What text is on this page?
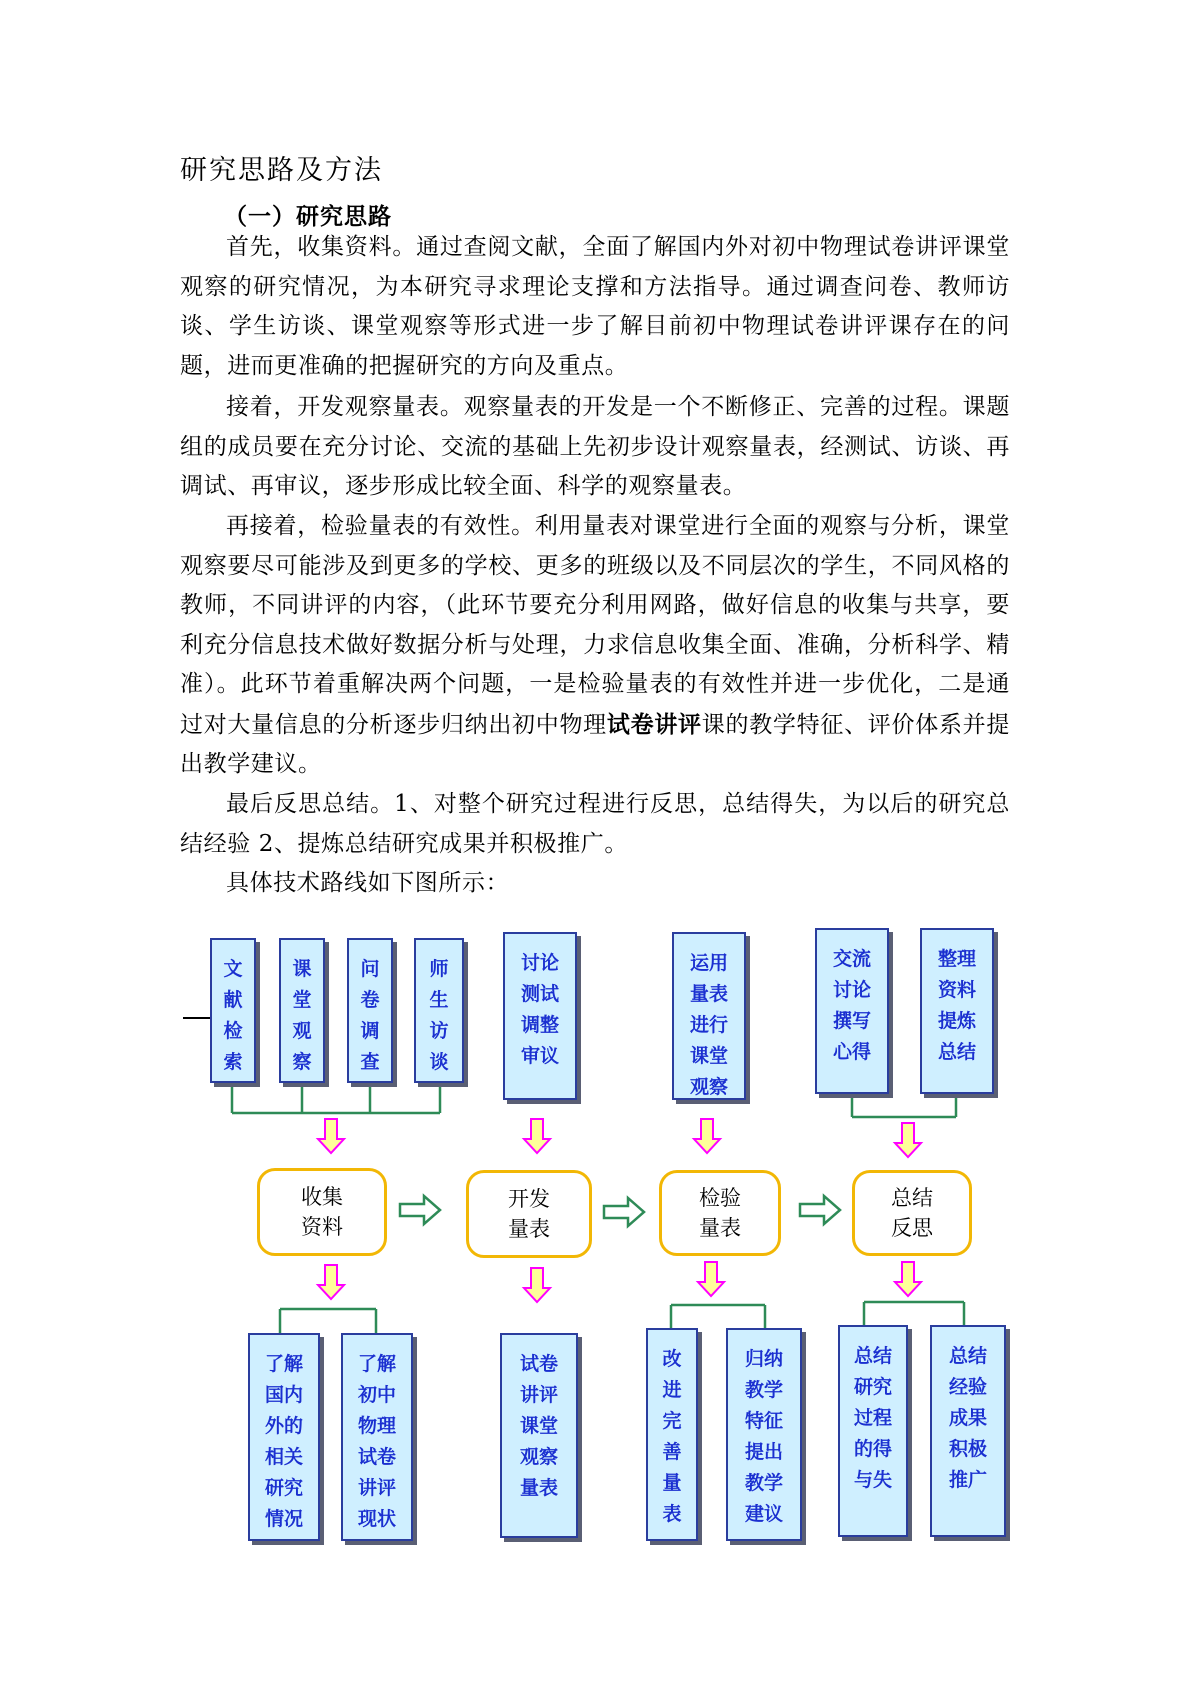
研究思路及方法
（一）研究思路

首先，收集资料。通过查阅文献，全面了解国内外对初中物理试卷讲评课堂观察的研究情况，为本研究寻求理论支撑和方法指导。通过调查问卷、教师访谈、学生访谈、课堂观察等形式进一步了解目前初中物理试卷讲评课存在的问题，进而更准确的把握研究的方向及重点。

接着，开发观察量表。观察量表的开发是一个不断修正、完善的过程。课题组的成员要在充分讨论、交流的基础上先初步设计观察量表，经测试、访谈、再调试、再审议，逐步形成比较全面、科学的观察量表。

再接着，检验量表的有效性。利用量表对课堂进行全面的观察与分析，课堂观察要尽可能涉及到更多的学校、更多的班级以及不同层次的学生，不同风格的教师，不同讲评的内容，（此环节要充分利用网路，做好信息的收集与共享，要利充分信息技术做好数据分析与处理，力求信息收集全面、准确，分析科学、精准）。此环节着重解决两个问题，一是检验量表的有效性并进一步优化，二是通过对大量信息的分析逐步归纳出初中物理试卷讲评课的教学特征、评价体系并提出教学建议。

最后反思总结。1、对整个研究过程进行反思，总结得失，为以后的研究总结经验 2、提炼总结研究成果并积极推广。

具体技术路线如下图所示：

文
献
检
索
课
堂
观
察
问
卷
调
查
师
生
访
谈
讨论
测试
调整
审议
运用
量表
进行
课堂
观察
交流
讨论
撰写
心得
整理
资料
提炼
总结
收集
资料
开发
量表
检验
量表
总结
反思
了解
国内
外的
相关
研究
情况
了解
初中
物理
试卷
讲评
现状
试卷
讲评
课堂
观察
量表
改
进
完
善
量
表
归纳
教学
特征
提出
教学
建议
总结
研究
过程
的得
与失
总结
经验
成果
积极
推广
